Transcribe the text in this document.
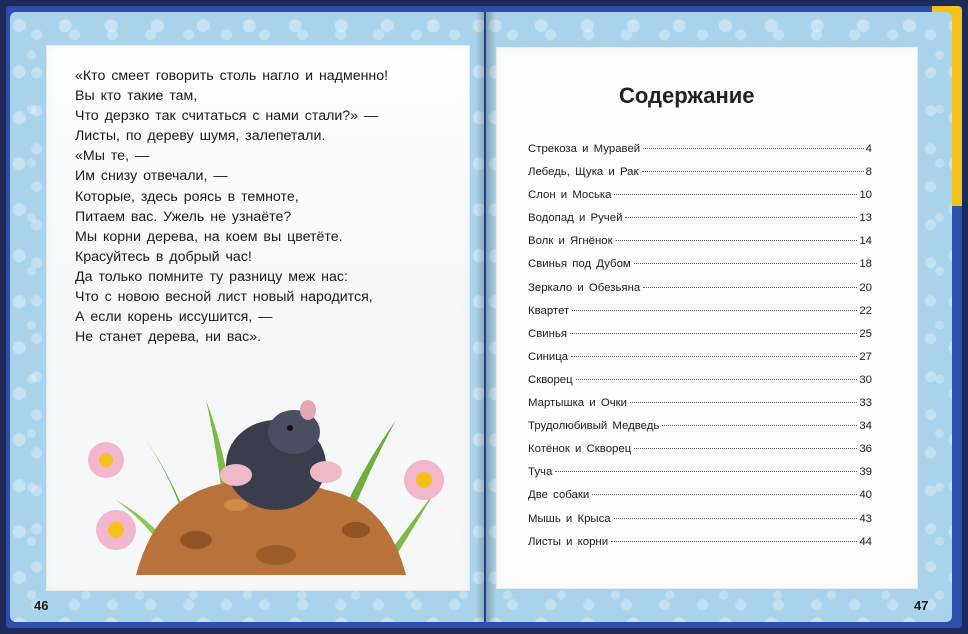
«Кто смеет говорить столь нагло и надменно!
Вы кто такие там,
Что дерзко так считаться с нами стали?» —
Листы, по дереву шумя, залепетали.
«Мы те, —
Им снизу отвечали, —
Которые, здесь роясь в темноте,
Питаем вас. Ужель не узнаёте?
Мы корни дерева, на коем вы цветёте.
Красуйтесь в добрый час!
Да только помните ту разницу меж нас:
Что с новою весной лист новый народится,
А если корень иссушится, —
Не станет дерева, ни вас».
Содержание
Стрекоза и Муравей	4
Лебедь, Щука и Рак	8
Слон и Моська	10
Водопад и Ручей	13
Волк и Ягнёнок	14
Свинья под Дубом	18
Зеркало и Обезьяна	20
Квартет	22
Свинья	25
Синица	27
Скворец	30
Мартышка и Очки	33
Трудолюбивый Медведь	34
Котёнок и Скворец	36
Туча	39
Две собаки	40
Мышь и Крыса	43
Листы и корни	44
46	47
